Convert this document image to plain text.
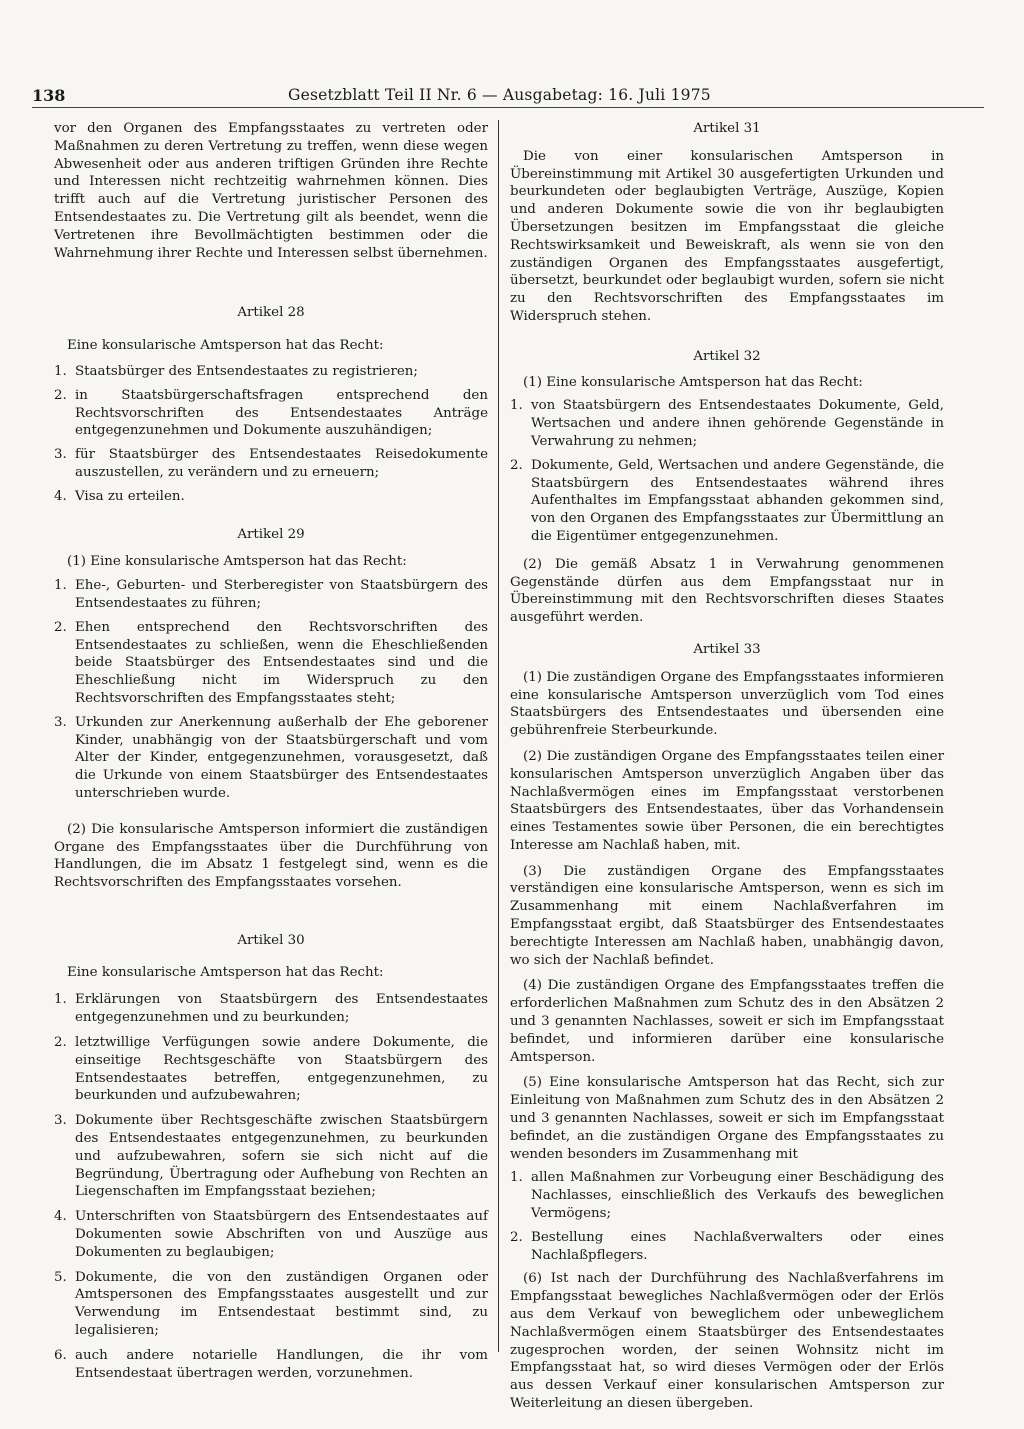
138	Gesetzblatt Teil II Nr. 6 — Ausgabetag: 16. Juli 1975

vor den Organen des Empfangsstaates zu vertreten oder Maßnahmen zu deren Vertretung zu treffen, wenn diese wegen Abwesenheit oder aus anderen triftigen Gründen ihre Rechte und Interessen nicht rechtzeitig wahrnehmen können. Dies trifft auch auf die Vertretung juristischer Personen des Entsendestaates zu. Die Vertretung gilt als beendet, wenn die Vertretenen ihre Bevollmächtigten bestimmen oder die Wahrnehmung ihrer Rechte und Interessen selbst übernehmen.

Artikel 28

Eine konsularische Amtsperson hat das Recht:

1. Staatsbürger des Entsendestaates zu registrieren;
2. in Staatsbürgerschaftsfragen entsprechend den Rechtsvorschriften des Entsendestaates Anträge entgegenzunehmen und Dokumente auszuhändigen;
3. für Staatsbürger des Entsendestaates Reisedokumente auszustellen, zu verändern und zu erneuern;
4. Visa zu erteilen.

Artikel 29

(1) Eine konsularische Amtsperson hat das Recht:

1. Ehe-, Geburten- und Sterberegister von Staatsbürgern des Entsendestaates zu führen;
2. Ehen entsprechend den Rechtsvorschriften des Entsendestaates zu schließen, wenn die Eheschließenden beide Staatsbürger des Entsendestaates sind und die Eheschließung nicht im Widerspruch zu den Rechtsvorschriften des Empfangsstaates steht;
3. Urkunden zur Anerkennung außerhalb der Ehe geborener Kinder, unabhängig von der Staatsbürgerschaft und vom Alter der Kinder, entgegenzunehmen, vorausgesetzt, daß die Urkunde von einem Staatsbürger des Entsendestaates unterschrieben wurde.

(2) Die konsularische Amtsperson informiert die zuständigen Organe des Empfangsstaates über die Durchführung von Handlungen, die im Absatz 1 festgelegt sind, wenn es die Rechtsvorschriften des Empfangsstaates vorsehen.

Artikel 30

Eine konsularische Amtsperson hat das Recht:

1. Erklärungen von Staatsbürgern des Entsendestaates entgegenzunehmen und zu beurkunden;
2. letztwillige Verfügungen sowie andere Dokumente, die einseitige Rechtsgeschäfte von Staatsbürgern des Entsendestaates betreffen, entgegenzunehmen, zu beurkunden und aufzubewahren;
3. Dokumente über Rechtsgeschäfte zwischen Staatsbürgern des Entsendestaates entgegenzunehmen, zu beurkunden und aufzubewahren, sofern sie sich nicht auf die Begründung, Übertragung oder Aufhebung von Rechten an Liegenschaften im Empfangsstaat beziehen;
4. Unterschriften von Staatsbürgern des Entsendestaates auf Dokumenten sowie Abschriften von und Auszüge aus Dokumenten zu beglaubigen;
5. Dokumente, die von den zuständigen Organen oder Amtspersonen des Empfangsstaates ausgestellt und zur Verwendung im Entsendestaat bestimmt sind, zu legalisieren;
6. auch andere notarielle Handlungen, die ihr vom Entsendestaat übertragen werden, vorzunehmen.

Artikel 31

Die von einer konsularischen Amtsperson in Übereinstimmung mit Artikel 30 ausgefertigten Urkunden und beurkundeten oder beglaubigten Verträge, Auszüge, Kopien und anderen Dokumente sowie die von ihr beglaubigten Übersetzungen besitzen im Empfangsstaat die gleiche Rechtswirksamkeit und Beweiskraft, als wenn sie von den zuständigen Organen des Empfangsstaates ausgefertigt, übersetzt, beurkundet oder beglaubigt wurden, sofern sie nicht zu den Rechtsvorschriften des Empfangsstaates im Widerspruch stehen.

Artikel 32

(1) Eine konsularische Amtsperson hat das Recht:

1. von Staatsbürgern des Entsendestaates Dokumente, Geld, Wertsachen und andere ihnen gehörende Gegenstände in Verwahrung zu nehmen;
2. Dokumente, Geld, Wertsachen und andere Gegenstände, die Staatsbürgern des Entsendestaates während ihres Aufenthaltes im Empfangsstaat abhanden gekommen sind, von den Organen des Empfangsstaates zur Übermittlung an die Eigentümer entgegenzunehmen.

(2) Die gemäß Absatz 1 in Verwahrung genommenen Gegenstände dürfen aus dem Empfangsstaat nur in Übereinstimmung mit den Rechtsvorschriften dieses Staates ausgeführt werden.

Artikel 33

(1) Die zuständigen Organe des Empfangsstaates informieren eine konsularische Amtsperson unverzüglich vom Tod eines Staatsbürgers des Entsendestaates und übersenden eine gebührenfreie Sterbeurkunde.

(2) Die zuständigen Organe des Empfangsstaates teilen einer konsularischen Amtsperson unverzüglich Angaben über das Nachlaßvermögen eines im Empfangsstaat verstorbenen Staatsbürgers des Entsendestaates, über das Vorhandensein eines Testamentes sowie über Personen, die ein berechtigtes Interesse am Nachlaß haben, mit.

(3) Die zuständigen Organe des Empfangsstaates verständigen eine konsularische Amtsperson, wenn es sich im Zusammenhang mit einem Nachlaßverfahren im Empfangsstaat ergibt, daß Staatsbürger des Entsendestaates berechtigte Interessen am Nachlaß haben, unabhängig davon, wo sich der Nachlaß befindet.

(4) Die zuständigen Organe des Empfangsstaates treffen die erforderlichen Maßnahmen zum Schutz des in den Absätzen 2 und 3 genannten Nachlasses, soweit er sich im Empfangsstaat befindet, und informieren darüber eine konsularische Amtsperson.

(5) Eine konsularische Amtsperson hat das Recht, sich zur Einleitung von Maßnahmen zum Schutz des in den Absätzen 2 und 3 genannten Nachlasses, soweit er sich im Empfangsstaat befindet, an die zuständigen Organe des Empfangsstaates zu wenden besonders im Zusammenhang mit

1. allen Maßnahmen zur Vorbeugung einer Beschädigung des Nachlasses, einschließlich des Verkaufs des beweglichen Vermögens;
2. Bestellung eines Nachlaßverwalters oder eines Nachlaßpflegers.

(6) Ist nach der Durchführung des Nachlaßverfahrens im Empfangsstaat bewegliches Nachlaßvermögen oder der Erlös aus dem Verkauf von beweglichem oder unbeweglichem Nachlaßvermögen einem Staatsbürger des Entsendestaates zugesprochen worden, der seinen Wohnsitz nicht im Empfangsstaat hat, so wird dieses Vermögen oder der Erlös aus dessen Verkauf einer konsularischen Amtsperson zur Weiterleitung an diesen übergeben.
